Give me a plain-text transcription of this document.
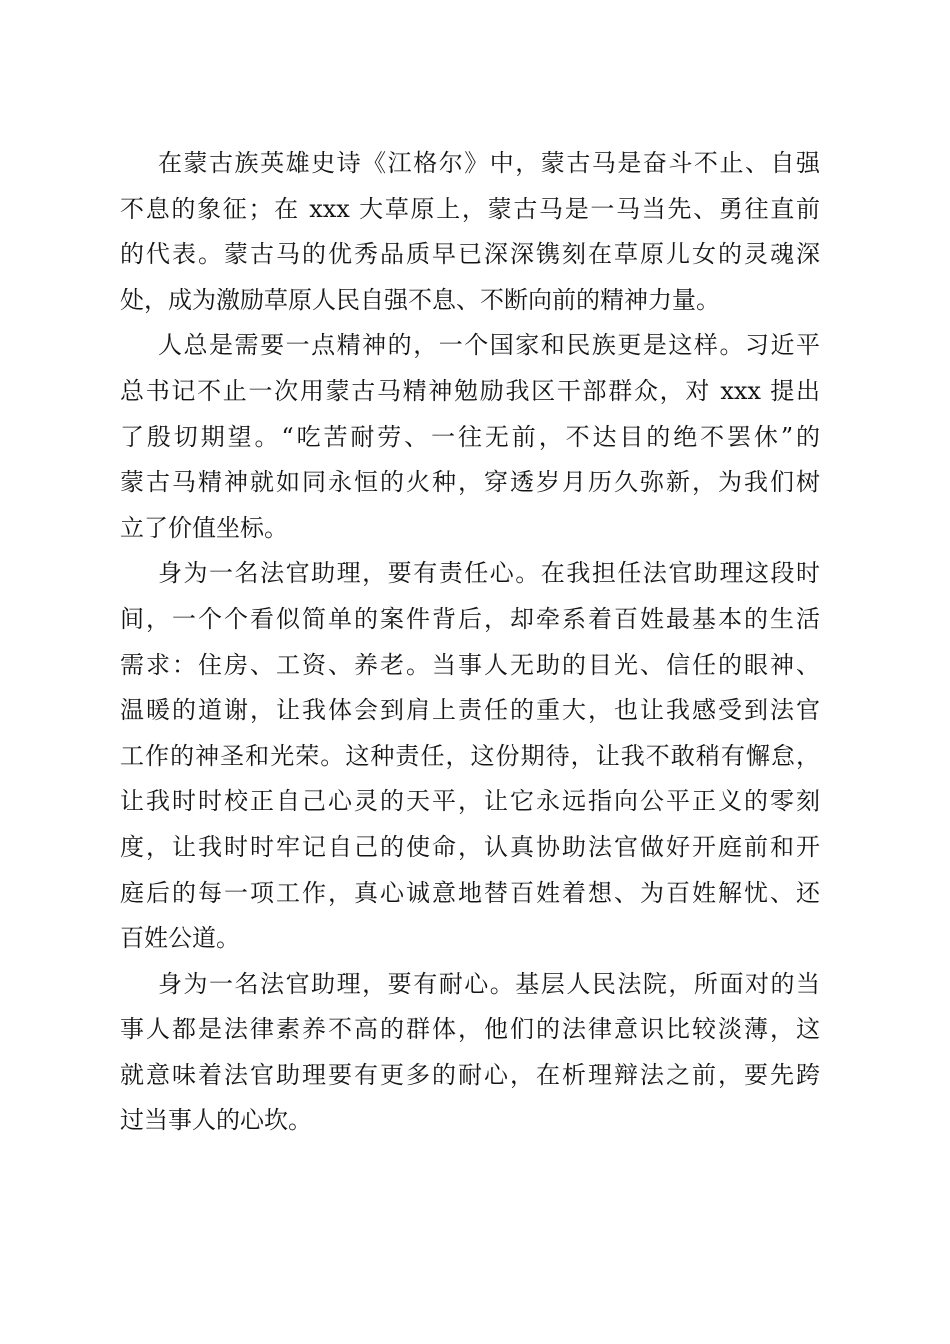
在蒙古族英雄史诗《江格尔》中，蒙古马是奋斗不止、自强
不息的象征；在 xxx 大草原上，蒙古马是一马当先、勇往直前
的代表。蒙古马的优秀品质早已深深镌刻在草原儿女的灵魂深
处，成为激励草原人民自强不息、不断向前的精神力量。
人总是需要一点精神的，一个国家和民族更是这样。习近平
总书记不止一次用蒙古马精神勉励我区干部群众，对 xxx 提出
了殷切期望。“吃苦耐劳、一往无前，不达目的绝不罢休”的
蒙古马精神就如同永恒的火种，穿透岁月历久弥新，为我们树
立了价值坐标。
身为一名法官助理，要有责任心。在我担任法官助理这段时
间，一个个看似简单的案件背后，却牵系着百姓最基本的生活
需求：住房、工资、养老。当事人无助的目光、信任的眼神、
温暖的道谢，让我体会到肩上责任的重大，也让我感受到法官
工作的神圣和光荣。这种责任，这份期待，让我不敢稍有懈怠，
让我时时校正自己心灵的天平，让它永远指向公平正义的零刻
度，让我时时牢记自己的使命，认真协助法官做好开庭前和开
庭后的每一项工作，真心诚意地替百姓着想、为百姓解忧、还
百姓公道。
身为一名法官助理，要有耐心。基层人民法院，所面对的当
事人都是法律素养不高的群体，他们的法律意识比较淡薄，这
就意味着法官助理要有更多的耐心，在析理辩法之前，要先跨
过当事人的心坎。
